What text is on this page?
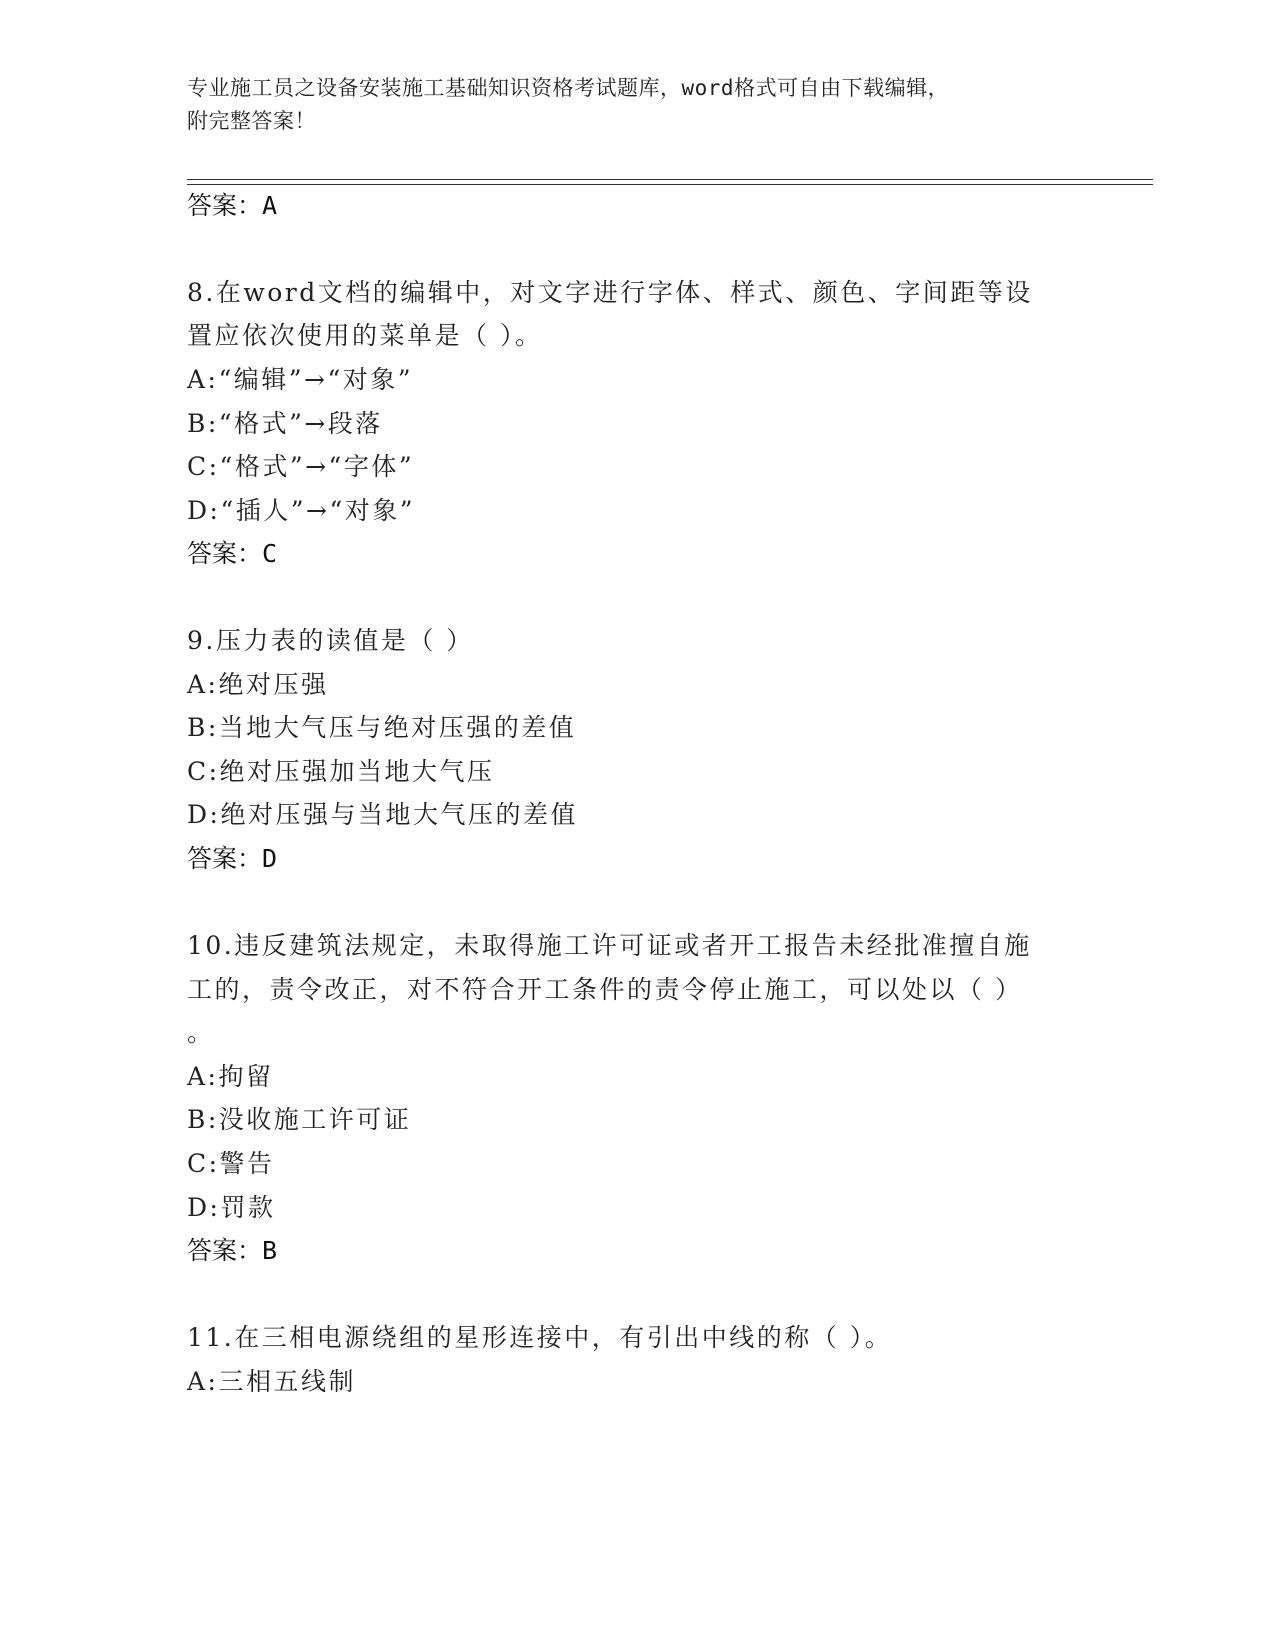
专业施工员之设备安装施工基础知识资格考试题库，word格式可自由下载编辑，
附完整答案！
答案：A
8.在word文档的编辑中，对文字进行字体、样式、颜色、字间距等设
置应依次使用的菜单是（ ）。
A:“编辑”→“对象”
B:“格式”→段落
C:“格式”→“字体”
D:“插人”→“对象”
答案：C
9.压力表的读值是（ ）
A:绝对压强
B:当地大气压与绝对压强的差值
C:绝对压强加当地大气压
D:绝对压强与当地大气压的差值
答案：D
10.违反建筑法规定，未取得施工许可证或者开工报告未经批准擅自施
工的，责令改正，对不符合开工条件的责令停止施工，可以处以（ ）
。
A:拘留
B:没收施工许可证
C:警告
D:罚款
答案：B
11.在三相电源绕组的星形连接中，有引出中线的称（ ）。
A:三相五线制
